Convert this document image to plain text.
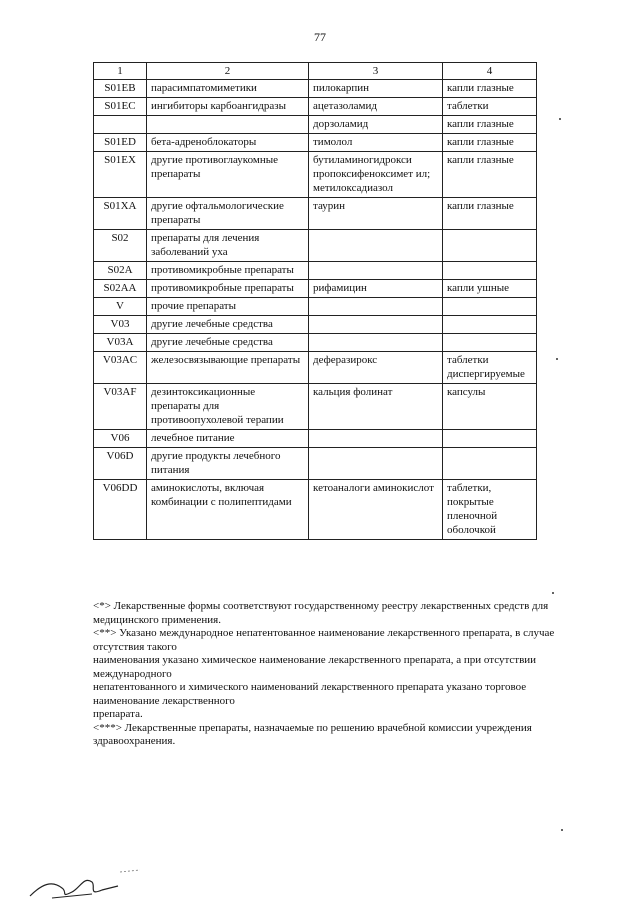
77
1	2	3	4
S01EB	парасимпатомиметики	пилокарпин	капли глазные
S01EC	ингибиторы карбоангидразы	ацетазоламид	таблетки
		дорзоламид	капли глазные
S01ED	бета-адреноблокаторы	тимолол	капли глазные
S01EX	другие противоглаукомные препараты	бутиламиногидрокси пропоксифеноксимет ил; метилоксадиазол	капли глазные
S01XA	другие офтальмологические препараты	таурин	капли глазные
S02	препараты для лечения заболеваний уха		
S02A	противомикробные препараты		
S02AA	противомикробные препараты	рифамицин	капли ушные
V	прочие препараты		
V03	другие лечебные средства		
V03A	другие лечебные средства		
V03AC	железосвязывающие препараты	деферазирокс	таблетки диспергируемые
V03AF	дезинтоксикационные препараты для противоопухолевой терапии	кальция фолинат	капсулы
V06	лечебное питание		
V06D	другие продукты лечебного питания		
V06DD	аминокислоты, включая комбинации с полипептидами	кетоаналоги аминокислот	таблетки, покрытые пленочной оболочкой

<*> Лекарственные формы соответствуют государственному реестру лекарственных средств для медицинского применения.

<**> Указано международное непатентованное наименование лекарственного препарата, в случае отсутствия такого

наименования указано химическое наименование лекарственного препарата, а при отсутствии международного

непатентованного и химического наименований лекарственного препарата указано торговое наименование лекарственного

препарата.

<***> Лекарственные препараты, назначаемые по решению врачебной комиссии учреждения здравоохранения.
